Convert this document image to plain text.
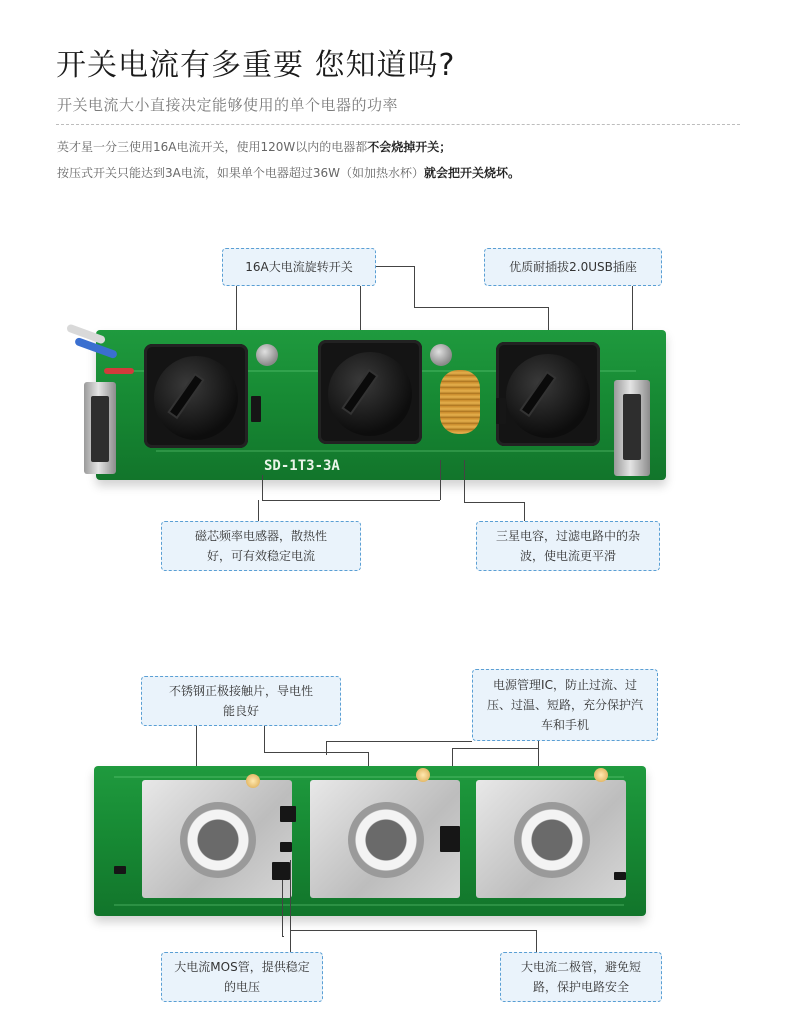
开关电流有多重要 您知道吗?
开关电流大小直接决定能够使用的单个电器的功率
英才星一分三使用16A电流开关，使用120W以内的电器都不会烧掉开关；
按压式开关只能达到3A电流，如果单个电器超过36W（如加热水杯）就会把开关烧坏。
16A大电流旋转开关	优质耐插拔2.0USB插座
SD-1T3-3A
磁芯频率电感器，散热性好，可有效稳定电流
三星电容，过滤电路中的杂波，使电流更平滑
不锈钢正极接触片，导电性能良好
电源管理IC，防止过流、过压、过温、短路，充分保护汽车和手机
大电流MOS管，提供稳定的电压
大电流二极管，避免短路，保护电路安全
